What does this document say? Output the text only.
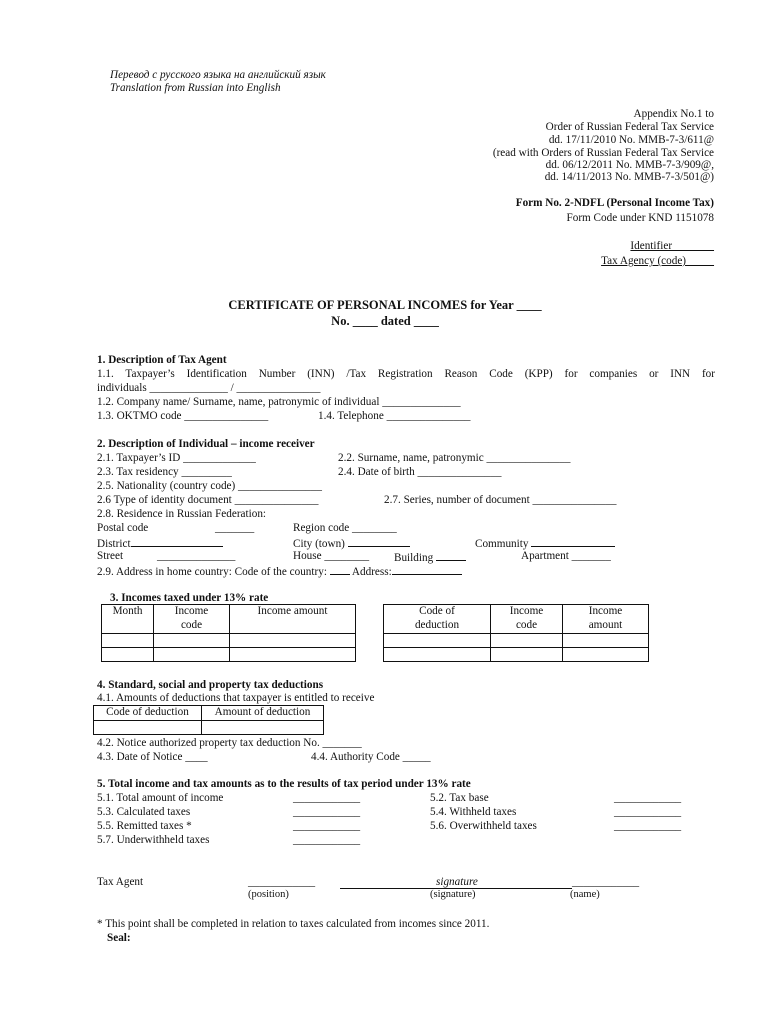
Перевод с русского языка на английский язык
Translation from Russian into English
Appendix No.1 to
Order of Russian Federal Tax Service
dd. 17/11/2010 No. MMB-7-3/611@
(read with Orders of Russian Federal Tax Service
dd. 06/12/2011 No. MMB-7-3/909@,
dd. 14/11/2013 No. MMB-7-3/501@)
Form No. 2-NDFL (Personal Income Tax)
Form Code under KND 1151078
Identifier _______
Tax Agency (code)_____
CERTIFICATE OF PERSONAL INCOMES for Year ____
No. ____ dated ____
1. Description of Tax Agent
1.1. Taxpayer’s Identification Number (INN) /Tax Registration Reason Code (KPP) for companies or INN for
individuals ______________ / _______________
1.2. Company name/ Surname, name, patronymic of individual ______________
1.3. OKTMO code _______________	1.4. Telephone _______________
2. Description of Individual – income receiver
2.1. Taxpayer’s ID _____________	2.2. Surname, name, patronymic _______________
2.3. Tax residency _________	2.4. Date of birth _______________
2.5. Nationality (country code) _______________
2.6 Type of identity document _______________	2.7. Series, number of document _______________
2.8. Residence in Russian Federation:
Postal code	_______	Region code ________
District	City (town)	Community
Street	______________	House ________ Building	Apartment _______
2.9. Address in home country: Code of the country: Address:
3. Incomes taxed under 13% rate
Month	Income code	Income amount

			Code of deduction	Income code	Income amount

4. Standard, social and property tax deductions
4.1. Amounts of deductions that taxpayer is entitled to receive
Code of deduction	Amount of deduction

4.2. Notice authorized property tax deduction No. _______
4.3. Date of Notice ____	4.4. Authority Code _____
5. Total income and tax amounts as to the results of tax period under 13% rate
5.1. Total amount of income	____________	5.2. Tax base	____________
5.3. Calculated taxes	____________	5.4. Withheld taxes	____________
5.5. Remitted taxes *	____________	5.6. Overwithheld taxes	____________
5.7. Underwithheld taxes	____________
Tax Agent	____________	signature	____________
(position)	(signature)	(name)
* This point shall be completed in relation to taxes calculated from incomes since 2011.
Seal:
